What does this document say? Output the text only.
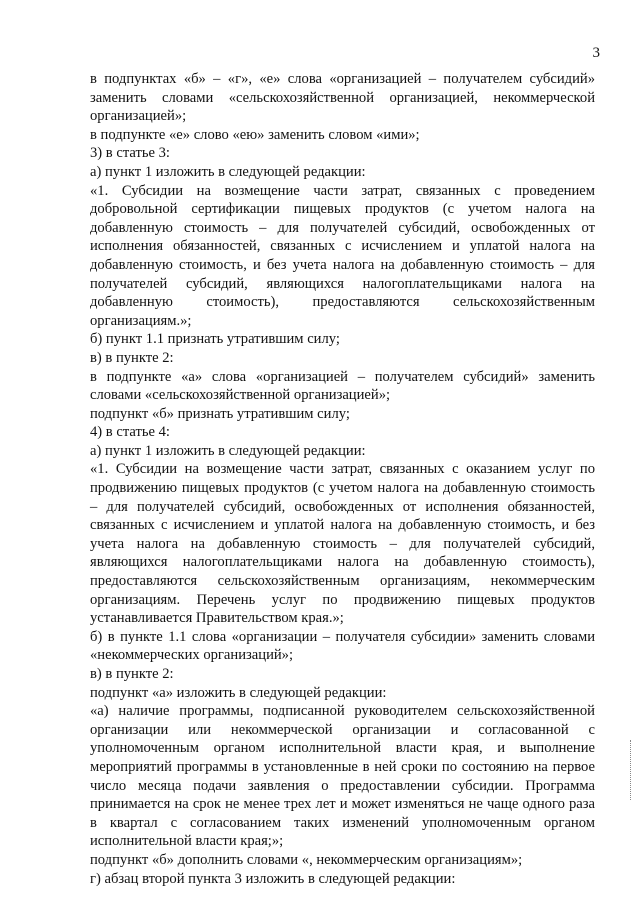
3

в подпунктах «б» – «г», «е» слова «организацией – получателем субсидий» заменить словами «сельскохозяйственной организацией, некоммерческой организацией»;

в подпункте «е» слово «ею» заменить словом «ими»;

3) в статье 3:

а) пункт 1 изложить в следующей редакции:

«1. Субсидии на возмещение части затрат, связанных с проведением добровольной сертификации пищевых продуктов (с учетом налога на добавленную стоимость – для получателей субсидий, освобожденных от исполнения обязанностей, связанных с исчислением и уплатой налога на добавленную стоимость, и без учета налога на добавленную стоимость – для получателей субсидий, являющихся налогоплательщиками налога на добавленную стоимость), предоставляются сельскохозяйственным организациям.»;

б) пункт 1.1 признать утратившим силу;

в) в пункте 2:

в подпункте «а» слова «организацией – получателем субсидий» заменить словами «сельскохозяйственной организацией»;

подпункт «б» признать утратившим силу;

4) в статье 4:

а) пункт 1 изложить в следующей редакции:

«1. Субсидии на возмещение части затрат, связанных с оказанием услуг по продвижению пищевых продуктов (с учетом налога на добавленную стоимость – для получателей субсидий, освобожденных от исполнения обязанностей, связанных с исчислением и уплатой налога на добавленную стоимость, и без учета налога на добавленную стоимость – для получателей субсидий, являющихся налогоплательщиками налога на добавленную стоимость), предоставляются сельскохозяйственным организациям, некоммерческим организациям. Перечень услуг по продвижению пищевых продуктов устанавливается Правительством края.»;

б) в пункте 1.1 слова «организации – получателя субсидии» заменить словами «некоммерческих организаций»;

в) в пункте 2:

подпункт «а» изложить в следующей редакции:

«а) наличие программы, подписанной руководителем сельскохозяйственной организации или некоммерческой организации и согласованной с уполномоченным органом исполнительной власти края, и выполнение мероприятий программы в установленные в ней сроки по состоянию на первое число месяца подачи заявления о предоставлении субсидии. Программа принимается на срок не менее трех лет и может изменяться не чаще одного раза в квартал с согласованием таких изменений уполномоченным органом исполнительной власти края;»;

подпункт «б» дополнить словами «, некоммерческим организациям»;

г) абзац второй пункта 3 изложить в следующей редакции:
